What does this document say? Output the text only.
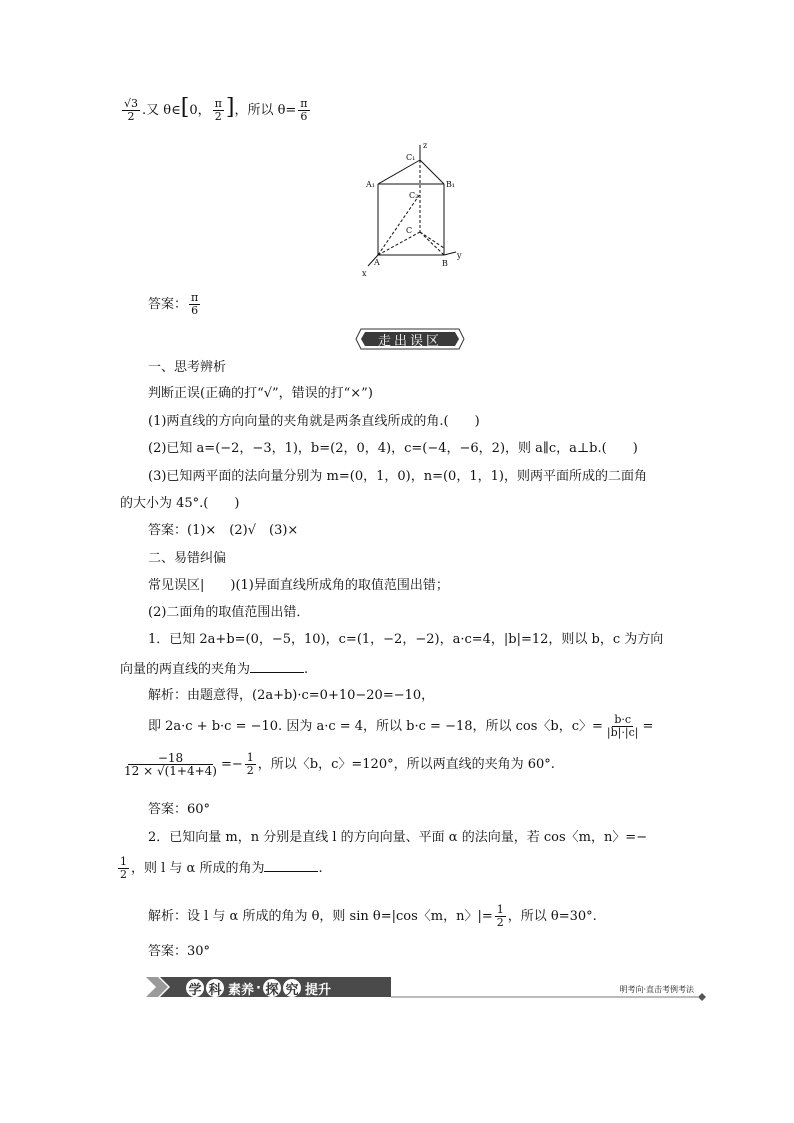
$\frac{√3}{2}$ .又 θ∈[0， $\frac{\pi}{2}$ ]，所以 $\theta= \frac{\pi}{6}$
C₁
z
A₁	B₁
C₂
C
A	B
x
y
答案： $\frac{\pi}{6}$
走出误区
一、思考辨析
判断正误(正确的打“√”，错误的打“×”)
(1)两直线的方向向量的夹角就是两条直线所成的角.(　　)
(2)已知 a=(−2，−3，1)，b=(2，0，4)，c=(−4，−6，2)，则 a∥c，a⊥b.(　　)
(3)已知两平面的法向量分别为 m=(0，1，0)，n=(0，1，1)，则两平面所成的二面角
的大小为 45°.(　　)
答案：(1)×　(2)√　(3)×
二、易错纠偏
常见误区|　　)(1)异面直线所成角的取值范围出错；
(2)二面角的取值范围出错．
1．已知 2a+b=(0，−5，10)，c=(1，−2，−2)，a·c=4，|b|=12，则以 b，c 为方向
向量的两直线的夹角为	.
解析：由题意得，(2a+b)·c=0+10−20=−10，
即 2a·c + b·c = −10. 因为 a·c = 4，所以 b·c = −18，所以 cos〈b，c〉= $\frac{b\cdot c}{|b|\cdot|c|}$ =
$\frac{-18}{12 \times √(1+4+4)} =- \frac{1}{2}$ ，所以〈b，c〉=120°，所以两直线的夹角为 60°.
答案：60°
2．已知向量 m，n 分别是直线 l 的方向向量、平面 α 的法向量，若 cos〈m，n〉=−
$\frac{1}{2}$ ，则 l 与 α 所成的角为	.
解析：设 l 与 α 所成的角为 θ，则 sin θ=|cos〈m，n〉|= $\frac{1}{2}$ ，所以 θ=30°.
答案：30°
学 科 素养 · 探 究 提升	明考向·直击考例考法
